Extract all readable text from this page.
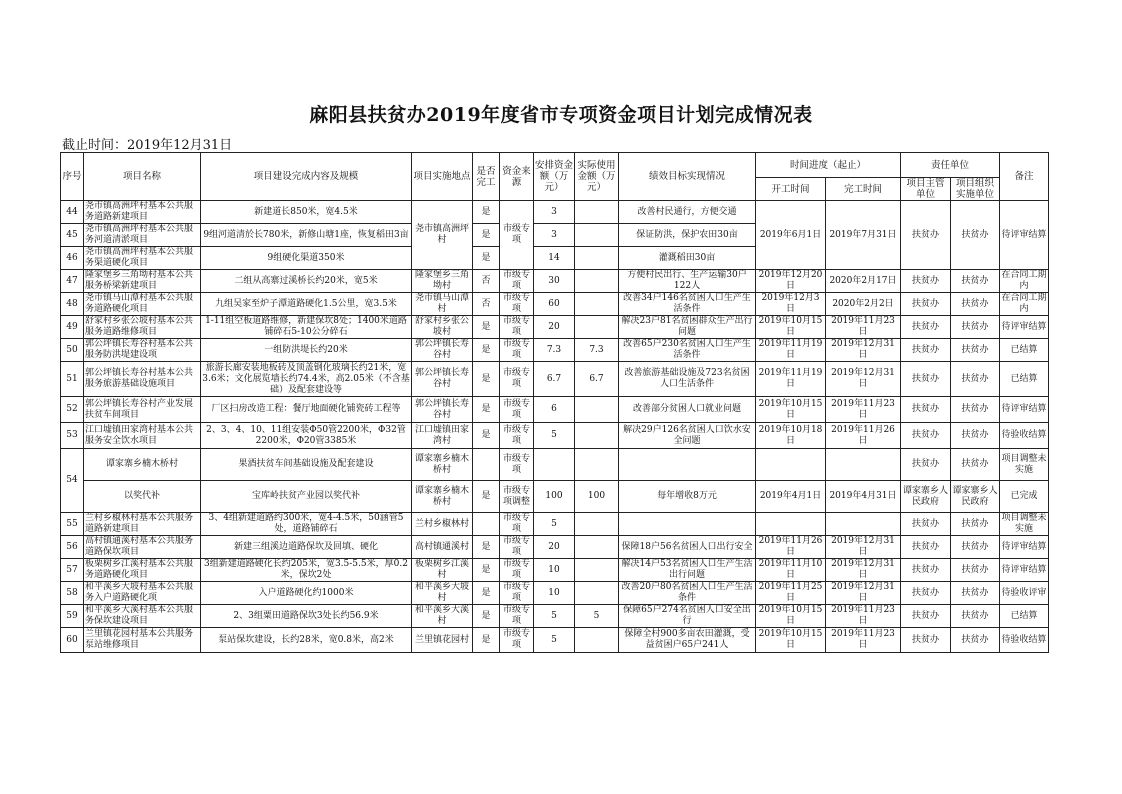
麻阳县扶贫办2019年度省市专项资金项目计划完成情况表
截止时间：2019年12月31日
序号	项目名称	项目建设完成内容及规模	项目实施地点	是否完工	资金来源	安排资金额（万元）	实际使用金额（万元）	绩效目标实现情况	时间进度（起止）		责任单位		备注
									开工时间	完工时间	项目主管单位	项目组织实施单位	
44	尧市镇高洲坪村基本公共服务道路新建项目	新建道长850米，宽4.5米	尧市镇高洲坪村	是	市级专项	3		改善村民通行，方便交通	2019年6月1日	2019年7月31日	扶贫办	扶贫办	待评审结算
45	尧市镇高洲坪村基本公共服务河道清淤项目	9组河道清於长780米，新修山塘1座，恢复稻田3亩		是		3		保证防洪，保护农田30亩					
46	尧市镇高洲坪村基本公共服务渠道硬化项目	9组硬化渠道350米		是		14		灌溉稻田30亩					
47	隆家堡乡三角坳村基本公共服务桥梁新建项目	二组从高寨过溪桥长约20米，宽5米	隆家堡乡三角坳村	否	市级专项	30		方便村民出行、生产运输30户122人	2019年12月20日	2020年2月17日	扶贫办	扶贫办	在合同工期内
48	尧市镇马山潭村基本公共服务道路硬化项目	九组吴家至炉子潭道路硬化1.5公里，宽3.5米	尧市镇马山潭村	否	市级专项	60		改善34户146名贫困人口生产生活条件	2019年12月3日	2020年2月2日	扶贫办	扶贫办	在合同工期内
49	舒家村乡张公坡村基本公共服务道路维修项目	1-11组空板道路维修，新建保坎8处；1400米道路铺碎石5-10公分碎石	舒家村乡张公坡村	是	市级专项	20		解决23户81名贫困群众生产出行问题	2019年10月15日	2019年11月23日	扶贫办	扶贫办	待评审结算
50	郭公坪镇长寿谷村基本公共服务防洪堤建设项	一组防洪堤长约20米	郭公坪镇长寿谷村	是	市级专项	7.3	7.3	改善65户230名贫困人口生产生活条件	2019年11月19日	2019年12月31日	扶贫办	扶贫办	已结算
51	郭公坪镇长寿谷村基本公共服务旅游基础设施项目	旅游长廊安装地板砖及顶盖钢化玻璃长约21米，宽3.6米；文化展览墙长约74.4米，高2.05米（不含基础）及配套建设等	郭公坪镇长寿谷村	是	市级专项	6.7	6.7	改善旅游基础设施及723名贫困人口生活条件	2019年11月19日	2019年12月31日	扶贫办	扶贫办	已结算
52	郭公坪镇长寿谷村产业发展扶贫车间项目	厂区扫房改造工程：餐厅地面硬化铺瓷砖工程等	郭公坪镇长寿谷村	是	市级专项	6		改善部分贫困人口就业问题	2019年10月15日	2019年11月23日	扶贫办	扶贫办	待评审结算
53	江口墟镇田家湾村基本公共服务安全饮水项目	2、3、4、10、11组安装Φ50管2200米，Φ32管2200米，Φ20管3385米	江口墟镇田家湾村	是	市级专项	5		解决29户126名贫困人口饮水安全问题	2019年10月18日	2019年11月26日	扶贫办	扶贫办	待验收结算
54	谭家寨乡楠木桥村	果酒扶贫车间基础设施及配套建设	谭家寨乡楠木桥村		市级专项						扶贫办	扶贫办	项目调整未实施
	以奖代补	宝库岭扶贫产业园以奖代补	谭家寨乡楠木桥村	是	市级专项调整	100	100	每年增收8万元	2019年4月1日	2019年4月31日	谭家寨乡人民政府	谭家寨乡人民政府	已完成
55	兰村乡椒林村基本公共服务道路新建项目	3、4组新建道路约300米，宽4-4.5米，50涵管5处，道路铺碎石	兰村乡椒林村		市级专项	5					扶贫办	扶贫办	项目调整未实施
56	高村镇通溪村基本公共服务道路保坎项目	新建三组溪边道路保坎及回填、硬化	高村镇通溪村	是	市级专项	20		保障18户56名贫困人口出行安全	2019年11月26日	2019年12月31日	扶贫办	扶贫办	待评审结算
57	板栗树乡江溪村基本公共服务道路硬化项目	3组新建道路硬化长约205米，宽3.5-5.5米，厚0.2米，保坎2处	板栗树乡江溪村	是	市级专项	10		解决14户53名贫困人口生产生活出行问题	2019年11月10日	2019年12月31日	扶贫办	扶贫办	待评审结算
58	和平溪乡大坡村基本公共服务入户道路硬化项	入户道路硬化约1000米	和平溪乡大坡村	是	市级专项	10		改善20户80名贫困人口生产生活条件	2019年11月25日	2019年12月31日	扶贫办	扶贫办	待验收评审
59	和平溪乡大溪村基本公共服务保坎建设项目	2、3组粟田道路保坎3处长约56.9米	和平溪乡大溪村	是	市级专项	5	5	保障65户274名贫困人口安全出行	2019年10月15日	2019年11月23日	扶贫办	扶贫办	已结算
60	兰里镇花园村基本公共服务泵站维修项目	泵站保坎建设，长约28米，宽0.8米，高2米	兰里镇花园村	是	市级专项	5		保障全村900多亩农田灌溉，受益贫困户65户241人	2019年10月15日	2019年11月23日	扶贫办	扶贫办	待验收结算
